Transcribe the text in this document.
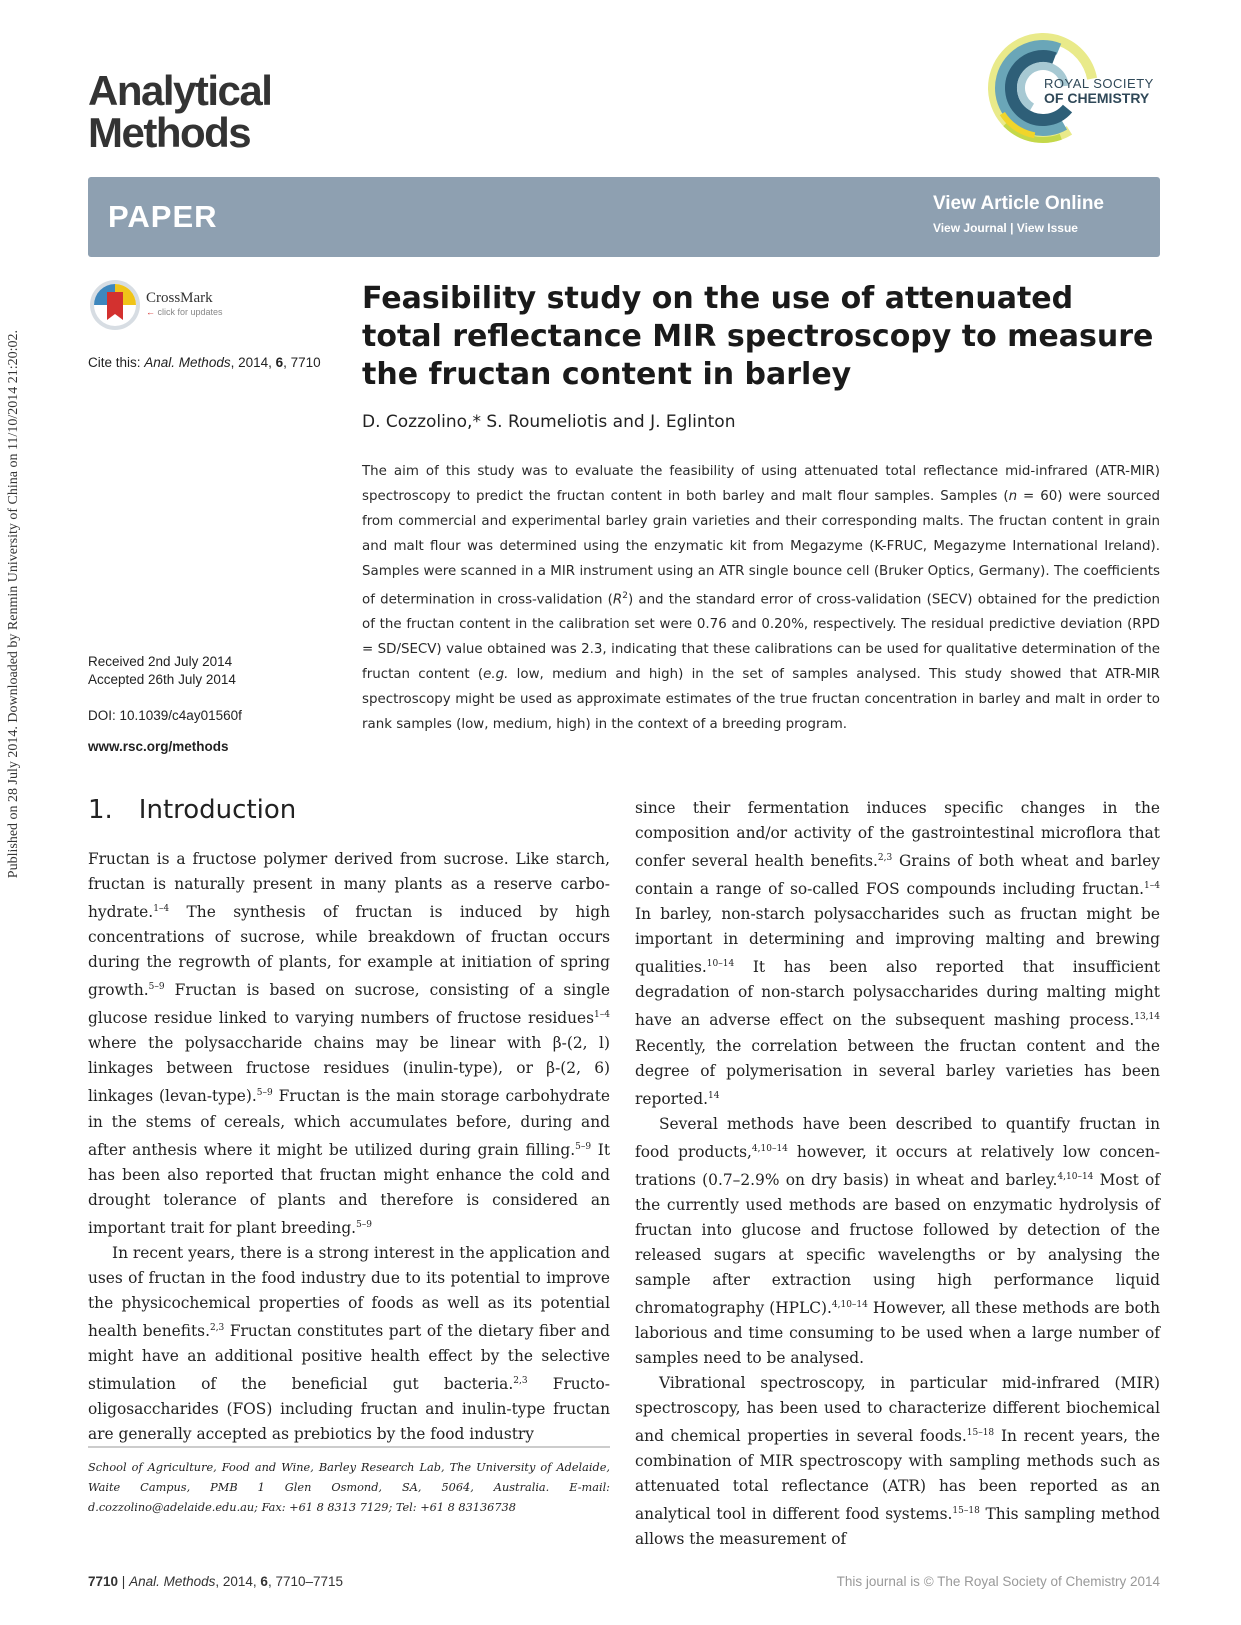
Published on 28 July 2014. Downloaded by Renmin University of China on 11/10/2014 21:20:02.
Analytical
Methods
ROYAL SOCIETY
OF CHEMISTRY
PAPER	View Article Online
View Journal | View Issue
CrossMark
← click for updates
Cite this: Anal. Methods, 2014, 6, 7710
Received 2nd July 2014
Accepted 26th July 2014
DOI: 10.1039/c4ay01560f
www.rsc.org/methods
Feasibility study on the use of attenuated total reflectance MIR spectroscopy to measure the fructan content in barley
D. Cozzolino,* S. Roumeliotis and J. Eglinton
The aim of this study was to evaluate the feasibility of using attenuated total reflectance mid-infrared (ATR-MIR) spectroscopy to predict the fructan content in both barley and malt flour samples. Samples (n = 60) were sourced from commercial and experimental barley grain varieties and their corresponding malts. The fructan content in grain and malt flour was determined using the enzymatic kit from Megazyme (K-FRUC, Megazyme International Ireland). Samples were scanned in a MIR instrument using an ATR single bounce cell (Bruker Optics, Germany). The coefficients of determination in cross-validation $(R^2)$ and the standard error of cross-validation (SECV) obtained for the prediction of the fructan content in the calibration set were 0.76 and 0.20%, respectively. The residual predictive deviation (RPD = SD/SECV) value obtained was 2.3, indicating that these calibrations can be used for qualitative determination of the fructan content (e.g. low, medium and high) in the set of samples analysed. This study showed that ATR-MIR spectroscopy might be used as approximate estimates of the true fructan concentration in barley and malt in order to rank samples (low, medium, high) in the context of a breeding program.
1. Introduction

Fructan is a fructose polymer derived from sucrose. Like starch, fructan is naturally present in many plants as a reserve carbohydrate.$^{1-4}$ The synthesis of fructan is induced by high concentrations of sucrose, while breakdown of fructan occurs during the regrowth of plants, for example at initiation of spring growth.$^{5-9}$ Fructan is based on sucrose, consisting of a single glucose residue linked to varying numbers of fructose residues$^{1-4}$ where the polysaccharide chains may be linear with β-(2, l) linkages between fructose residues (inulin-type), or β-(2, 6) linkages (levan-type).$^{5-9}$ Fructan is the main storage carbohydrate in the stems of cereals, which accumulates before, during and after anthesis where it might be utilized during grain filling.$^{5-9}$ It has been also reported that fructan might enhance the cold and drought tolerance of plants and therefore is considered an important trait for plant breeding.$^{5-9}$

In recent years, there is a strong interest in the application and uses of fructan in the food industry due to its potential to improve the physicochemical properties of foods as well as its potential health benefits.$^{2,3}$ Fructan constitutes part of the dietary fiber and might have an additional positive health effect by the selective stimulation of the beneficial gut bacteria.$^{2,3}$ Fructo-oligosaccharides (FOS) including fructan and inulin-type fructan are generally accepted as prebiotics by the food industry

since their fermentation induces specific changes in the composition and/or activity of the gastrointestinal microflora that confer several health benefits.$^{2,3}$ Grains of both wheat and barley contain a range of so-called FOS compounds including fructan.$^{1-4}$ In barley, non-starch polysaccharides such as fructan might be important in determining and improving malting and brewing qualities.$^{10-14}$ It has been also reported that insufficient degradation of non-starch polysaccharides during malting might have an adverse effect on the subsequent mashing process.$^{13,14}$ Recently, the correlation between the fructan content and the degree of polymerisation in several barley varieties has been reported.$^{14}$

Several methods have been described to quantify fructan in food products,$^{4,10-14}$ however, it occurs at relatively low concentrations (0.7–2.9% on dry basis) in wheat and barley.$^{4,10-14}$ Most of the currently used methods are based on enzymatic hydrolysis of fructan into glucose and fructose followed by detection of the released sugars at specific wavelengths or by analysing the sample after extraction using high performance liquid chromatography (HPLC).$^{4,10-14}$ However, all these methods are both laborious and time consuming to be used when a large number of samples need to be analysed.

Vibrational spectroscopy, in particular mid-infrared (MIR) spectroscopy, has been used to characterize different biochemical and chemical properties in several foods.$^{15-18}$ In recent years, the combination of MIR spectroscopy with sampling methods such as attenuated total reflectance (ATR) has been reported as an analytical tool in different food systems.$^{15-18}$ This sampling method allows the measurement of

School of Agriculture, Food and Wine, Barley Research Lab, The University of Adelaide, Waite Campus, PMB 1 Glen Osmond, SA, 5064, Australia. E-mail: d.cozzolino@adelaide.edu.au; Fax: +61 8 8313 7129; Tel: +61 8 83136738
7710 | Anal. Methods, 2014, 6, 7710–7715	This journal is © The Royal Society of Chemistry 2014
